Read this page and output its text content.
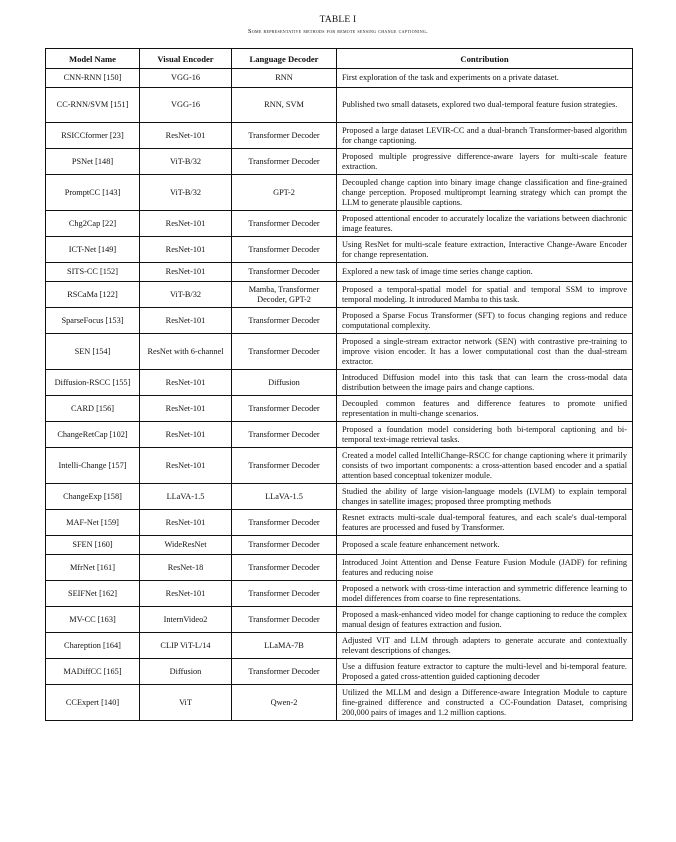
TABLE I
Some representative methods for remote sensing change captioning.
Model Name	Visual Encoder	Language Decoder	Contribution
CNN-RNN [150]	VGG-16	RNN	First exploration of the task and experiments on a private dataset.
CC-RNN/SVM [151]	VGG-16	RNN, SVM	Published two small datasets, explored two dual-temporal feature fusion strategies.
RSICCformer [23]	ResNet-101	Transformer Decoder	Proposed a large dataset LEVIR-CC and a dual-branch Transformer-based algorithm for change captioning.
PSNet [148]	ViT-B/32	Transformer Decoder	Proposed multiple progressive difference-aware layers for multi-scale feature extraction.
PromptCC [143]	ViT-B/32	GPT-2	Decoupled change caption into binary image change classification and fine-grained change perception. Proposed multiprompt learning strategy which can prompt the LLM to generate plausible captions.
Chg2Cap [22]	ResNet-101	Transformer Decoder	Proposed attentional encoder to accurately localize the variations between diachronic image features.
ICT-Net [149]	ResNet-101	Transformer Decoder	Using ResNet for multi-scale feature extraction, Interactive Change-Aware Encoder for change representation.
SITS-CC [152]	ResNet-101	Transformer Decoder	Explored a new task of image time series change caption.
RSCaMa [122]	ViT-B/32	Mamba, Transformer Decoder, GPT-2	Proposed a temporal-spatial model for spatial and temporal SSM to improve temporal modeling. It introduced Mamba to this task.
SparseFocus [153]	ResNet-101	Transformer Decoder	Proposed a Sparse Focus Transformer (SFT) to focus changing regions and reduce computational complexity.
SEN [154]	ResNet with 6-channel	Transformer Decoder	Proposed a single-stream extractor network (SEN) with contrastive pre-training to improve vision encoder. It has a lower computational cost than the dual-stream extractor.
Diffusion-RSCC [155]	ResNet-101	Diffusion	Introduced Diffusion model into this task that can learn the cross-modal data distribution between the image pairs and change captions.
CARD [156]	ResNet-101	Transformer Decoder	Decoupled common features and difference features to promote unified representation in multi-change scenarios.
ChangeRetCap [102]	ResNet-101	Transformer Decoder	Proposed a foundation model considering both bi-temporal captioning and bi-temporal text-image retrieval tasks.
Intelli-Change [157]	ResNet-101	Transformer Decoder	Created a model called IntelliChange-RSCC for change captioning where it primarily consists of two important components: a cross-attention based encoder and a spatial attention based conceptual tokenizer module.
ChangeExp [158]	LLaVA-1.5	LLaVA-1.5	Studied the ability of large vision-language models (LVLM) to explain temporal changes in satellite images; proposed three prompting methods
MAF-Net [159]	ResNet-101	Transformer Decoder	Resnet extracts multi-scale dual-temporal features, and each scale's dual-temporal features are processed and fused by Transformer.
SFEN [160]	WideResNet	Transformer Decoder	Proposed a scale feature enhancement network.
MfrNet [161]	ResNet-18	Transformer Decoder	Introduced Joint Attention and Dense Feature Fusion Module (JADF) for refining features and reducing noise
SEIFNet [162]	ResNet-101	Transformer Decoder	Proposed a network with cross-time interaction and symmetric difference learning to model differences from coarse to fine representations.
MV-CC [163]	InternVideo2	Transformer Decoder	Proposed a mask-enhanced video model for change captioning to reduce the complex manual design of features extraction and fusion.
Chareption [164]	CLIP ViT-L/14	LLaMA-7B	Adjusted VIT and LLM through adapters to generate accurate and contextually relevant descriptions of changes.
MADiffCC [165]	Diffusion	Transformer Decoder	Use a diffusion feature extractor to capture the multi-level and bi-temporal feature. Proposed a gated cross-attention guided captioning decoder
CCExpert [140]	ViT	Qwen-2	Utilized the MLLM and design a Difference-aware Integration Module to capture fine-grained difference and constructed a CC-Foundation Dataset, comprising 200,000 pairs of images and 1.2 million captions.
